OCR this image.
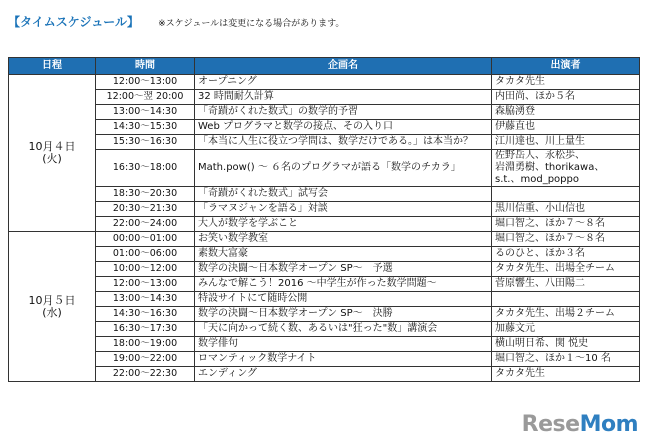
【タイムスケジュール】 ※スケジュールは変更になる場合があります。
日程	時間	企画名	出演者

10月４日
(火)	12:00～13:00	オープニング	タカタ先生
	12:00～翌 20:00	32 時間耐久計算	内田尚、ほか５名
	13:00～14:30	「奇蹟がくれた数式」の数学的予習	森脇湧登
	14:30～15:30	Web プログラマと数学の接点、その入り口	伊藤直也
	15:30～16:30	「本当に人生に役立つ学問は、数学だけである。」は本当か？	江川達也、川上量生
	16:30～18:00	Math.pow() ～ ６名のプログラマが語る「数学のチカラ」	佐野岳人、永松歩、
岩淵勇樹、thorikawa、
s.t.、mod_poppo

	18:30～20:30	「奇蹟がくれた数式」試写会	
	20:30～21:30	「ラマヌジャンを語る」対談	黒川信重、小山信也
	22:00～24:00	大人が数学を学ぶこと	堀口智之、ほか７～８名

10月５日
(水)	00:00～01:00	お笑い数学教室	堀口智之、ほか７～８名
	01:00～06:00	素数大富豪	るのひと、ほか３名
	10:00～12:00	数学の決闘～日本数学オープン SP～　予選	タカタ先生、出場全チーム
	12:00～13:00	みんなで解こう！2016 ～中学生が作った数学問題～	菅原響生、八田陽二
	13:00～14:30	特設サイトにて随時公開	
	14:30～16:30	数学の決闘～日本数学オープン SP～　決勝	タカタ先生、出場２チーム
	16:30～17:30	「天に向かって続く数、あるいは"狂った"数」講演会	加藤文元
	18:00～19:00	数学俳句	横山明日希、関 悦史
	19:00～22:00	ロマンティック数学ナイト	堀口智之、ほか１～10 名
	22:00～22:30	エンディング	タカタ先生
ReseMom
